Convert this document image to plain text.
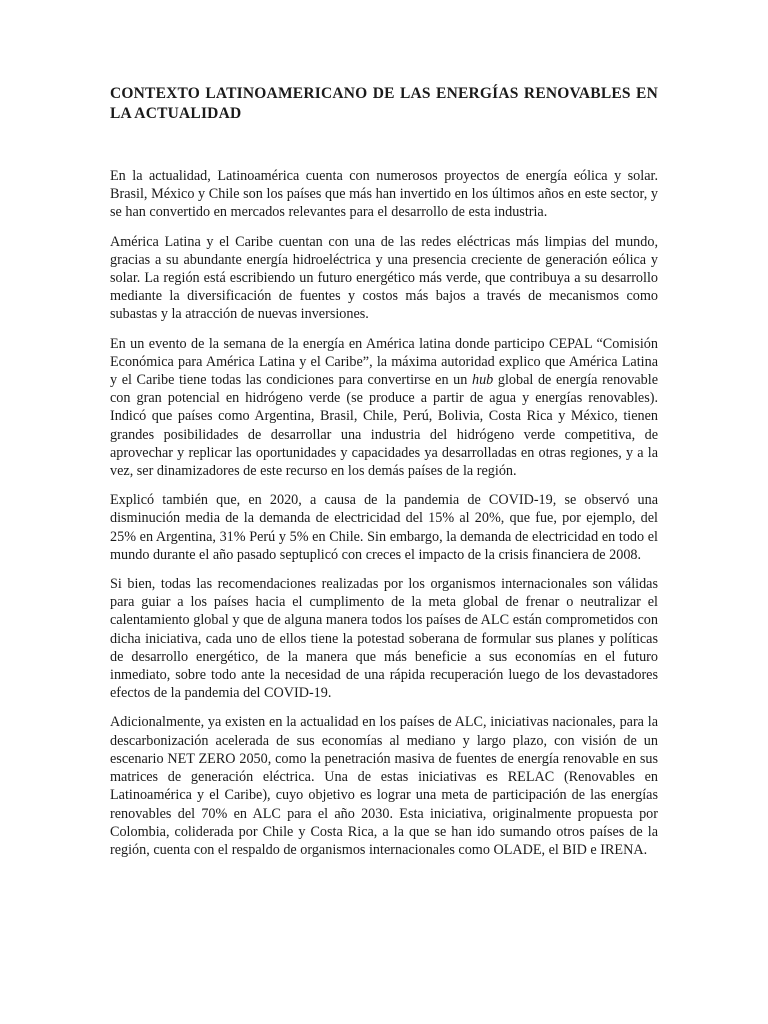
CONTEXTO LATINOAMERICANO DE LAS ENERGÍAS RENOVABLES EN LA ACTUALIDAD

En la actualidad, Latinoamérica cuenta con numerosos proyectos de energía eólica y solar. Brasil, México y Chile son los países que más han invertido en los últimos años en este sector, y se han convertido en mercados relevantes para el desarrollo de esta industria.

América Latina y el Caribe cuentan con una de las redes eléctricas más limpias del mundo, gracias a su abundante energía hidroeléctrica y una presencia creciente de generación eólica y solar. La región está escribiendo un futuro energético más verde, que contribuya a su desarrollo mediante la diversificación de fuentes y costos más bajos a través de mecanismos como subastas y la atracción de nuevas inversiones.

En un evento de la semana de la energía en América latina donde participo CEPAL “Comisión Económica para América Latina y el Caribe”, la máxima autoridad explico que América Latina y el Caribe tiene todas las condiciones para convertirse en un hub global de energía renovable con gran potencial en hidrógeno verde (se produce a partir de agua y energías renovables). Indicó que países como Argentina, Brasil, Chile, Perú, Bolivia, Costa Rica y México, tienen grandes posibilidades de desarrollar una industria del hidrógeno verde competitiva, de aprovechar y replicar las oportunidades y capacidades ya desarrolladas en otras regiones, y a la vez, ser dinamizadores de este recurso en los demás países de la región.

Explicó también que, en 2020, a causa de la pandemia de COVID-19, se observó una disminución media de la demanda de electricidad del 15% al 20%, que fue, por ejemplo, del 25% en Argentina, 31% Perú y 5% en Chile. Sin embargo, la demanda de electricidad en todo el mundo durante el año pasado septuplicó con creces el impacto de la crisis financiera de 2008.

Si bien, todas las recomendaciones realizadas por los organismos internacionales son válidas para guiar a los países hacia el cumplimento de la meta global de frenar o neutralizar el calentamiento global y que de alguna manera todos los países de ALC están comprometidos con dicha iniciativa, cada uno de ellos tiene la potestad soberana de formular sus planes y políticas de desarrollo energético, de la manera que más beneficie a sus economías en el futuro inmediato, sobre todo ante la necesidad de una rápida recuperación luego de los devastadores efectos de la pandemia del COVID-19.

Adicionalmente, ya existen en la actualidad en los países de ALC, iniciativas nacionales, para la descarbonización acelerada de sus economías al mediano y largo plazo, con visión de un escenario NET ZERO 2050, como la penetración masiva de fuentes de energía renovable en sus matrices de generación eléctrica. Una de estas iniciativas es RELAC (Renovables en Latinoamérica y el Caribe), cuyo objetivo es lograr una meta de participación de las energías renovables del 70% en ALC para el año 2030. Esta iniciativa, originalmente propuesta por Colombia, coliderada por Chile y Costa Rica, a la que se han ido sumando otros países de la región, cuenta con el respaldo de organismos internacionales como OLADE, el BID e IRENA.
